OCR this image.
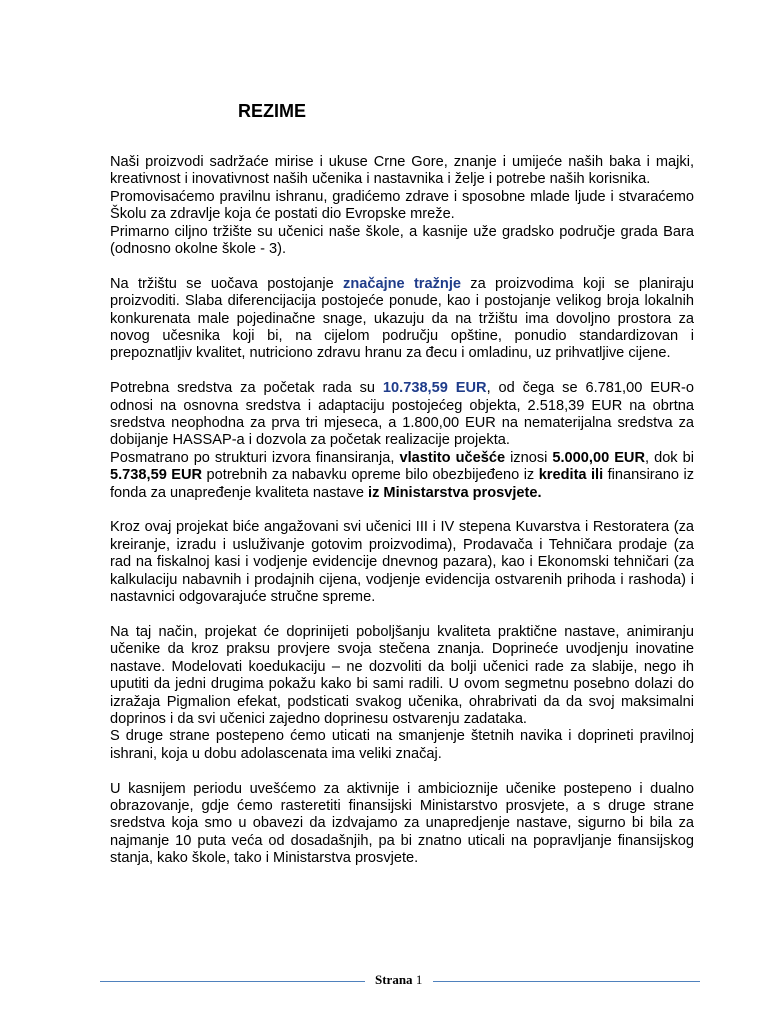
REZIME

Naši proizvodi sadržaće mirise i ukuse Crne Gore, znanje i umijeće naših baka i majki, kreativnost i inovativnost naših učenika i nastavnika i želje i potrebe naših korisnika.

Promovisaćemo pravilnu ishranu, gradićemo zdrave i sposobne mlade ljude i stvaraćemo Školu za zdravlje koja će postati dio Evropske mreže.

Primarno ciljno tržište su učenici naše škole, a kasnije uže gradsko područje grada Bara (odnosno okolne škole - 3).

Na tržištu se uočava postojanje značajne tražnje za proizvodima koji se planiraju proizvoditi. Slaba diferencijacija postojeće ponude, kao i postojanje velikog broja lokalnih konkurenata male pojedinačne snage, ukazuju da na tržištu ima dovoljno prostora za novog učesnika koji bi, na cijelom području opštine, ponudio standardizovan i prepoznatljiv kvalitet, nutriciono zdravu hranu za đecu i omladinu, uz prihvatljive cijene.

Potrebna sredstva za početak rada su 10.738,59 EUR, od čega se 6.781,00 EUR-o odnosi na osnovna sredstva i adaptaciju postojećeg objekta, 2.518,39 EUR na obrtna sredstva neophodna za prva tri mjeseca, a 1.800,00 EUR na nematerijalna sredstva za dobijanje HASSAP-a i dozvola za početak realizacije projekta.

Posmatrano po strukturi izvora finansiranja, vlastito učešće iznosi 5.000,00 EUR, dok bi 5.738,59 EUR potrebnih za nabavku opreme bilo obezbijeđeno iz kredita ili finansirano iz fonda za unapređenje kvaliteta nastave iz Ministarstva prosvjete.

Kroz ovaj projekat biće angažovani svi učenici III i IV stepena Kuvarstva i Restoratera (za kreiranje, izradu i usluživanje gotovim proizvodima), Prodavača i Tehničara prodaje (za rad na fiskalnoj kasi i vodjenje evidencije dnevnog pazara), kao i Ekonomski tehničari (za kalkulaciju nabavnih i prodajnih cijena, vodjenje evidencija ostvarenih prihoda i rashoda) i nastavnici odgovarajuće stručne spreme.

Na taj način, projekat će doprinijeti poboljšanju kvaliteta praktične nastave, animiranju učenike da kroz praksu provjere svoja stečena znanja. Doprineće uvodjenju inovatine nastave. Modelovati koedukaciju – ne dozvoliti da bolji učenici rade za slabije, nego ih uputiti da jedni drugima pokažu kako bi sami radili. U ovom segmetnu posebno dolazi do izražaja Pigmalion efekat, podsticati svakog učenika, ohrabrivati da da svoj maksimalni doprinos i da svi učenici zajedno doprinesu ostvarenju zadataka.

S druge strane postepeno ćemo uticati na smanjenje štetnih navika i doprineti pravilnoj ishrani, koja u dobu adolascenata ima veliki značaj.

U kasnijem periodu uvešćemo za aktivnije i ambicioznije učenike postepeno i dualno obrazovanje, gdje ćemo rasteretiti finansijski Ministarstvo prosvjete, a s druge strane sredstva koja smo u obavezi da izdvajamo za unapredjenje nastave, sigurno bi bila za najmanje 10 puta veća od dosadašnjih, pa bi znatno uticali na popravljanje finansijskog stanja, kako škole, tako i Ministarstva prosvjete.

Strana 1
